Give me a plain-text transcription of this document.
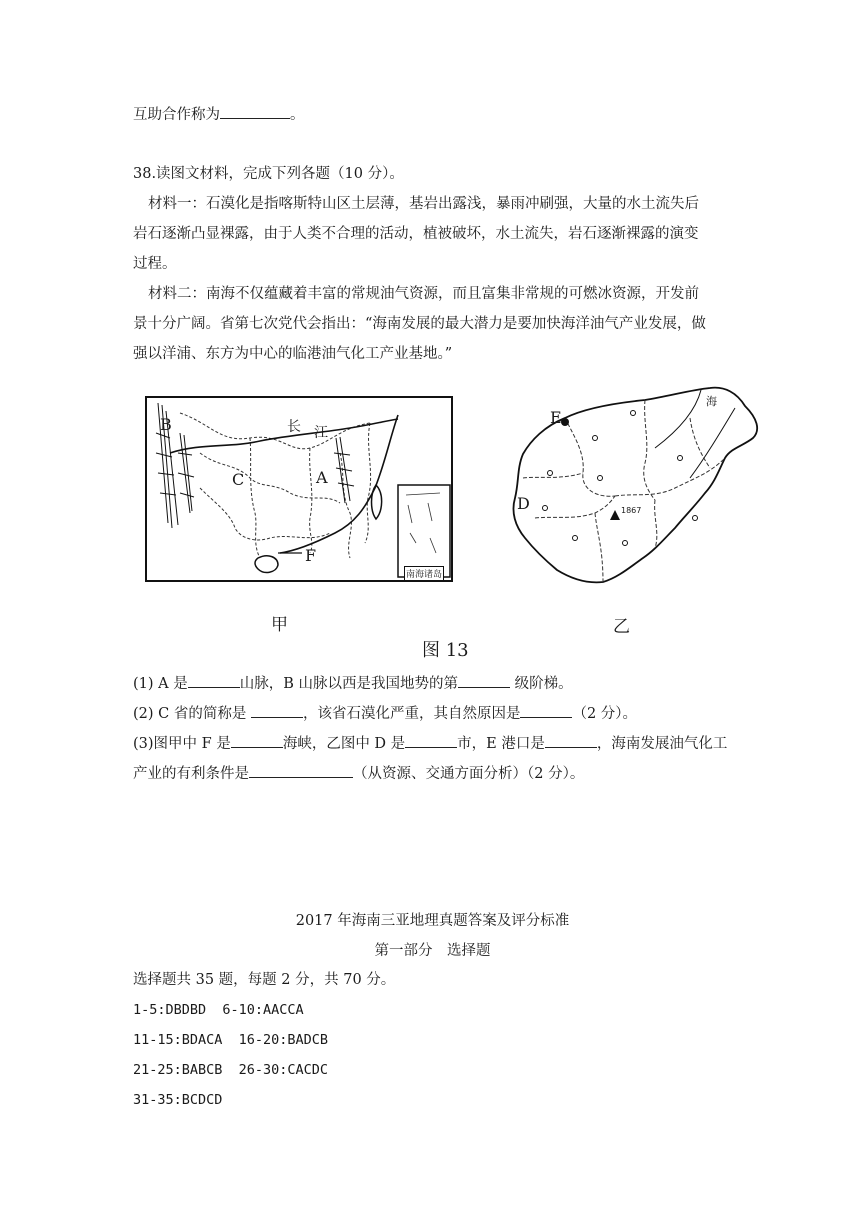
互助合作称为	。
38.读图文材料，完成下列各题（10 分）。
材料一：石漠化是指喀斯特山区土层薄，基岩出露浅，暴雨冲刷强，大量的水土流失后
岩石逐渐凸显裸露，由于人类不合理的活动，植被破坏，水土流失，岩石逐渐裸露的演变
过程。
材料二：南海不仅蕴藏着丰富的常规油气资源，而且富集非常规的可燃冰资源，开发前
景十分广阔。省第七次党代会指出：“海南发展的最大潜力是要加快海洋油气产业发展，做
强以洋浦、东方为中心的临港油气化工产业基地。”
B
C	A
长 江
F
南海诸岛
E
D	1867
海
甲	乙
图 13
(1) A 是	山脉，B 山脉以西是我国地势的第	级阶梯。
(2) C 省的简称是	，该省石漠化严重，其自然原因是	（2 分）。
(3)图甲中 F 是	海峡，乙图中 D 是	市，E 港口是	，海南发展油气化工
产业的有利条件是	（从资源、交通方面分析）（2 分）。
2017 年海南三亚地理真题答案及评分标准
第一部分　选择题
选择题共 35 题，每题 2 分，共 70 分。
1-5:DBDBD  6-10:AACCA
11-15:BDACA  16-20:BADCB
21-25:BABCB  26-30:CACDC
31-35:BCDCD
